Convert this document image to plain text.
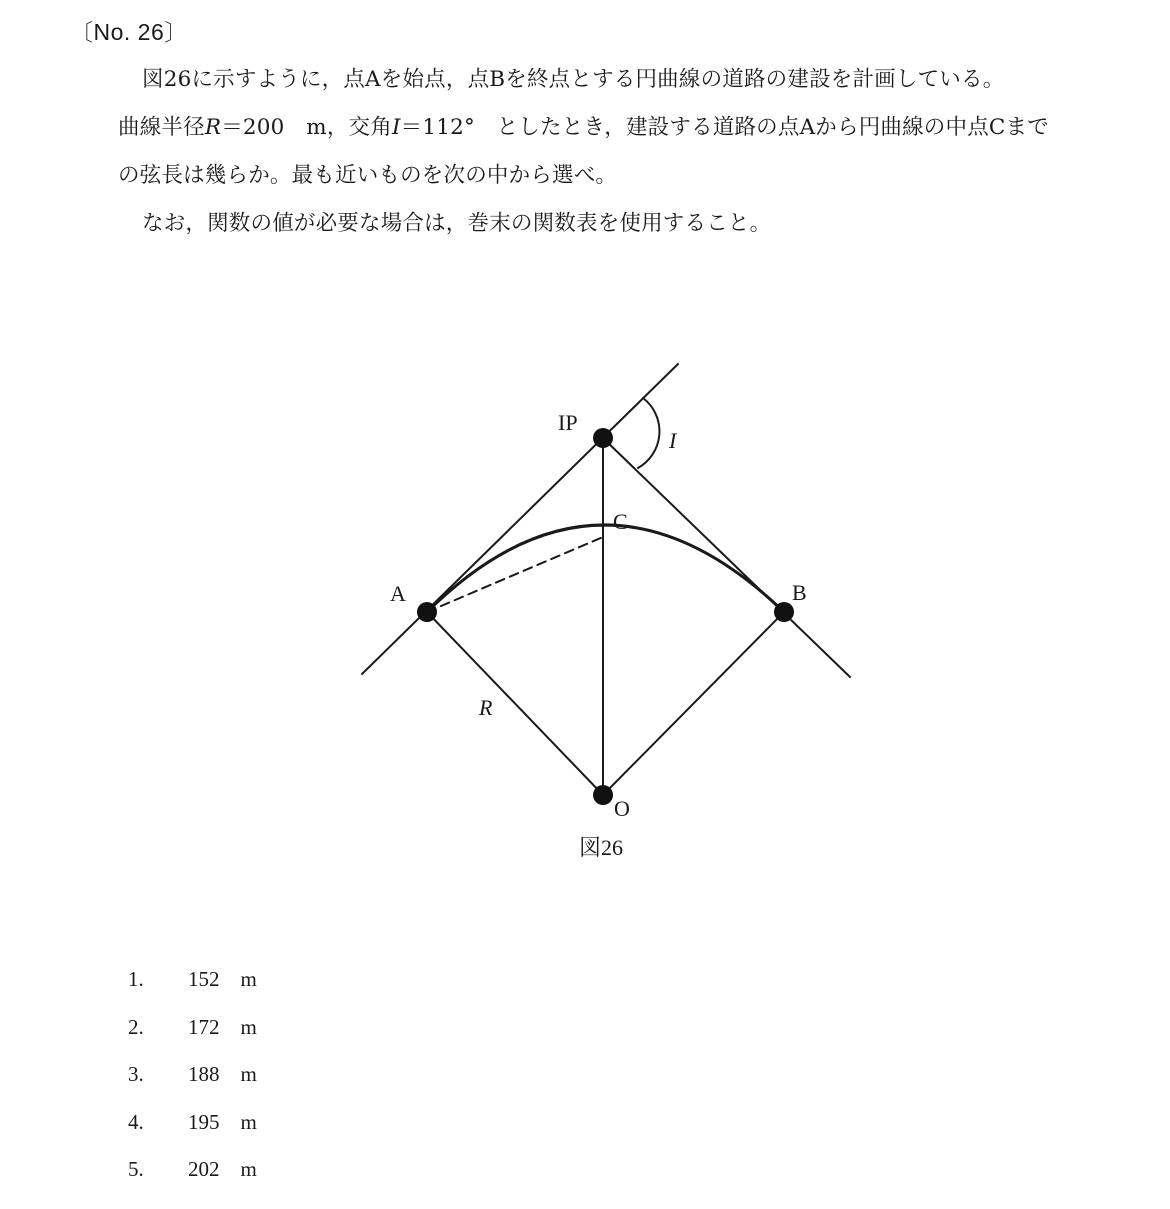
〔No. 26〕
図26に示すように，点Aを始点，点Bを終点とする円曲線の道路の建設を計画している。
曲線半径R＝200　m，交角I＝112°　としたとき，建設する道路の点Aから円曲線の中点Cまで
の弦長は幾らか。最も近いものを次の中から選べ。
なお，関数の値が必要な場合は，巻末の関数表を使用すること。
IP
I
C
A	B
R
O
図26
1. 152　m
2. 172　m
3. 188　m
4. 195　m
5. 202　m
